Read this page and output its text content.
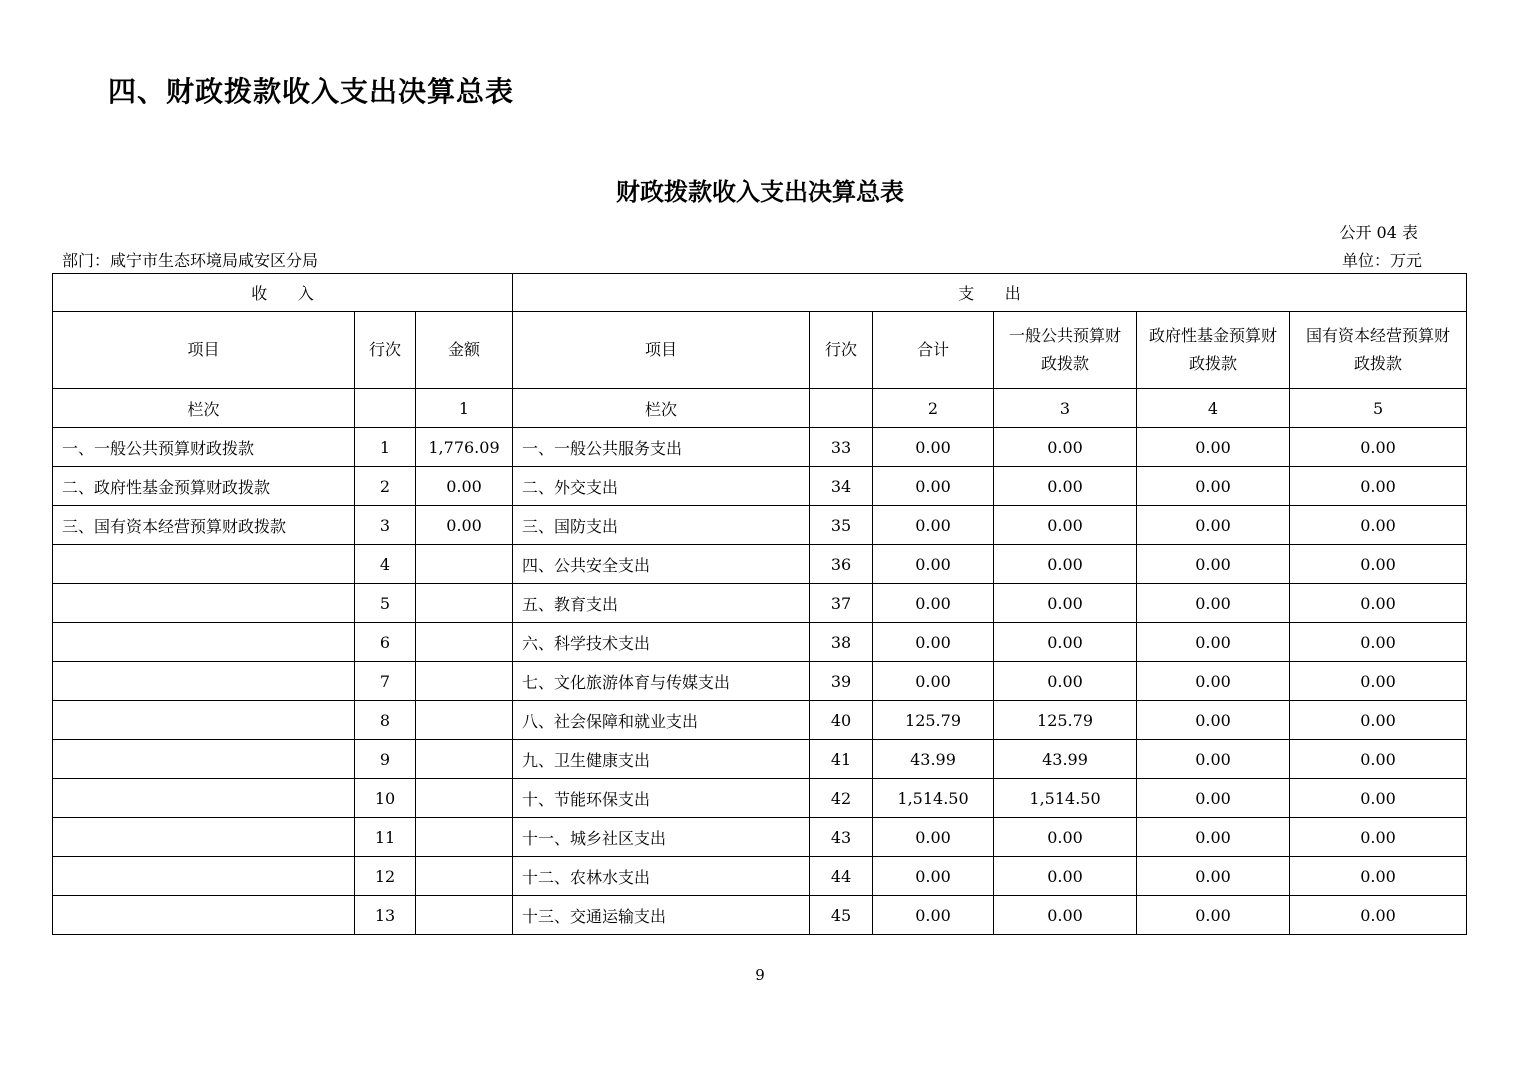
四、财政拨款收入支出决算总表
财政拨款收入支出决算总表
公开 04 表
部门：咸宁市生态环境局咸安区分局	单位：万元
收      入			支      出					
项目	行次	金额	项目	行次	合计	一般公共预算财政拨款	政府性基金预算财政拨款	国有资本经营预算财政拨款
栏次		1	栏次		2	3	4	5
一、一般公共预算财政拨款	1	1,776.09	一、一般公共服务支出	33	0.00	0.00	0.00	0.00
二、政府性基金预算财政拨款	2	0.00	二、外交支出	34	0.00	0.00	0.00	0.00
三、国有资本经营预算财政拨款	3	0.00	三、国防支出	35	0.00	0.00	0.00	0.00
	4		四、公共安全支出	36	0.00	0.00	0.00	0.00
	5		五、教育支出	37	0.00	0.00	0.00	0.00
	6		六、科学技术支出	38	0.00	0.00	0.00	0.00
	7		七、文化旅游体育与传媒支出	39	0.00	0.00	0.00	0.00
	8		八、社会保障和就业支出	40	125.79	125.79	0.00	0.00
	9		九、卫生健康支出	41	43.99	43.99	0.00	0.00
	10		十、节能环保支出	42	1,514.50	1,514.50	0.00	0.00
	11		十一、城乡社区支出	43	0.00	0.00	0.00	0.00
	12		十二、农林水支出	44	0.00	0.00	0.00	0.00
	13		十三、交通运输支出	45	0.00	0.00	0.00	0.00
9
